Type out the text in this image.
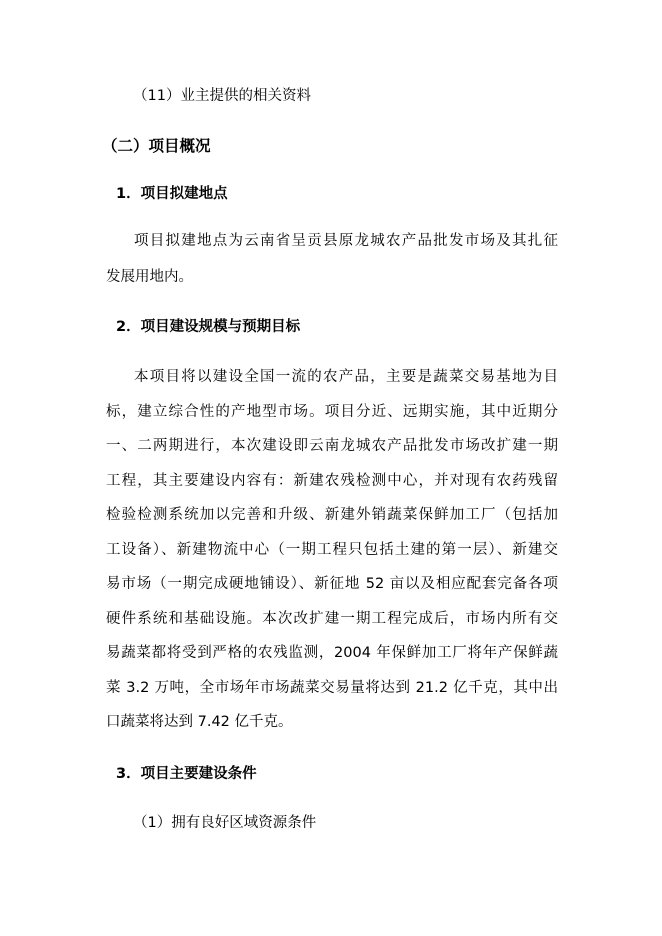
（11）业主提供的相关资料
（二）项目概况
1．项目拟建地点
项目拟建地点为云南省呈贡县原龙城农产品批发市场及其扎征
发展用地内。
2．项目建设规模与预期目标
本项目将以建设全国一流的农产品，主要是蔬菜交易基地为目
标，建立综合性的产地型市场。项目分近、远期实施，其中近期分
一、二两期进行，本次建设即云南龙城农产品批发市场改扩建一期
工程，其主要建设内容有：新建农残检测中心，并对现有农药残留
检验检测系统加以完善和升级、新建外销蔬菜保鲜加工厂（包括加
工设备）、新建物流中心（一期工程只包括土建的第一层）、新建交
易市场（一期完成硬地铺设）、新征地 52 亩以及相应配套完备各项
硬件系统和基础设施。本次改扩建一期工程完成后，市场内所有交
易蔬菜都将受到严格的农残监测，2004 年保鲜加工厂将年产保鲜蔬
菜 3.2 万吨，全市场年市场蔬菜交易量将达到 21.2 亿千克，其中出
口蔬菜将达到 7.42 亿千克。
3．项目主要建设条件
（1）拥有良好区域资源条件
